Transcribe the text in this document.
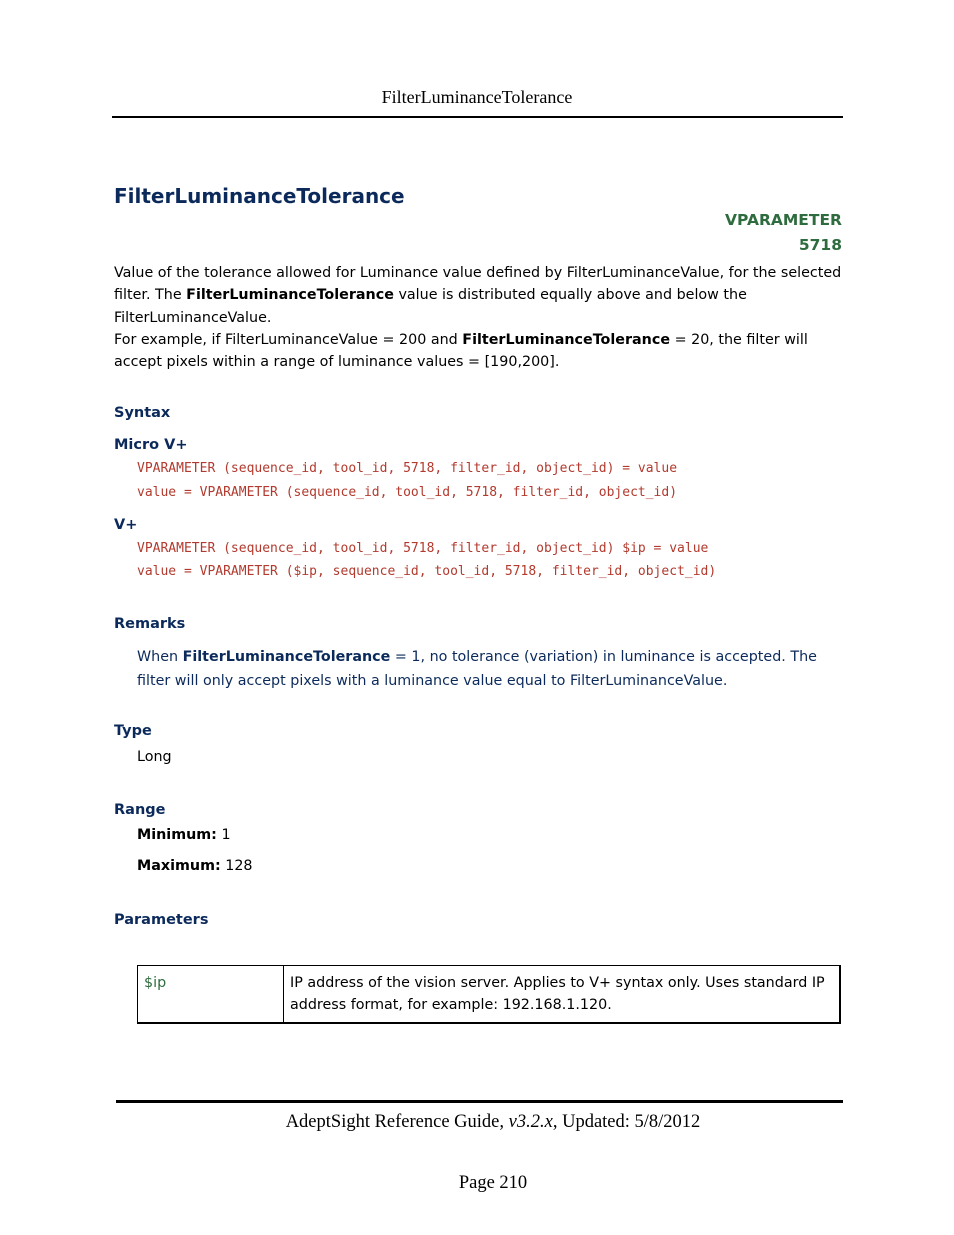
FilterLuminanceTolerance
FilterLuminanceTolerance
VPARAMETER
5718
Value of the tolerance allowed for Luminance value defined by FilterLuminanceValue, for the selected filter. The FilterLuminanceTolerance value is distributed equally above and below the FilterLuminanceValue.
For example, if FilterLuminanceValue = 200 and FilterLuminanceTolerance = 20, the filter will accept pixels within a range of luminance values = [190,200].
Syntax
Micro V+
VPARAMETER (sequence_id, tool_id, 5718, filter_id, object_id) = value
value = VPARAMETER (sequence_id, tool_id, 5718, filter_id, object_id)
V+
VPARAMETER (sequence_id, tool_id, 5718, filter_id, object_id) $ip = value
value = VPARAMETER ($ip, sequence_id, tool_id, 5718, filter_id, object_id)
Remarks
When FilterLuminanceTolerance = 1, no tolerance (variation) in luminance is accepted. The filter will only accept pixels with a luminance value equal to FilterLuminanceValue.
Type
Long
Range
Minimum: 1
Maximum: 128
Parameters
$ip	IP address of the vision server. Applies to V+ syntax only. Uses standard IP address format, for example: 192.168.1.120.
AdeptSight Reference Guide, v3.2.x, Updated: 5/8/2012
Page 210
